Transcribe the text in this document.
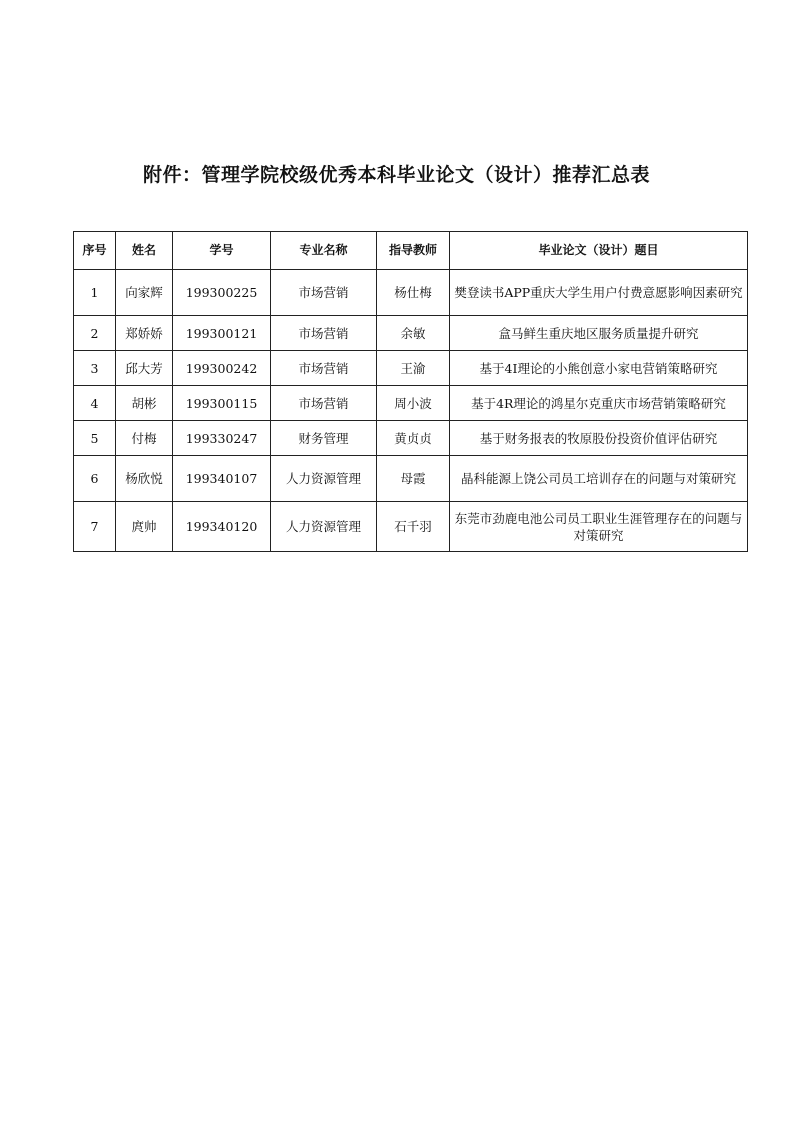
附件：管理学院校级优秀本科毕业论文（设计）推荐汇总表
序号	姓名	学号	专业名称	指导教师	毕业论文（设计）题目
1	向家辉	199300225	市场营销	杨仕梅	樊登读书APP重庆大学生用户付费意愿影响因素研究
2	郑娇娇	199300121	市场营销	余敏	盒马鲜生重庆地区服务质量提升研究
3	邱大芳	199300242	市场营销	王渝	基于4I理论的小熊创意小家电营销策略研究
4	胡彬	199300115	市场营销	周小波	基于4R理论的鸿星尔克重庆市场营销策略研究
5	付梅	199330247	财务管理	黄贞贞	基于财务报表的牧原股份投资价值评估研究
6	杨欣悦	199340107	人力资源管理	母霞	晶科能源上饶公司员工培训存在的问题与对策研究
7	庹帅	199340120	人力资源管理	石千羽	东莞市劲鹿电池公司员工职业生涯管理存在的问题与对策研究
